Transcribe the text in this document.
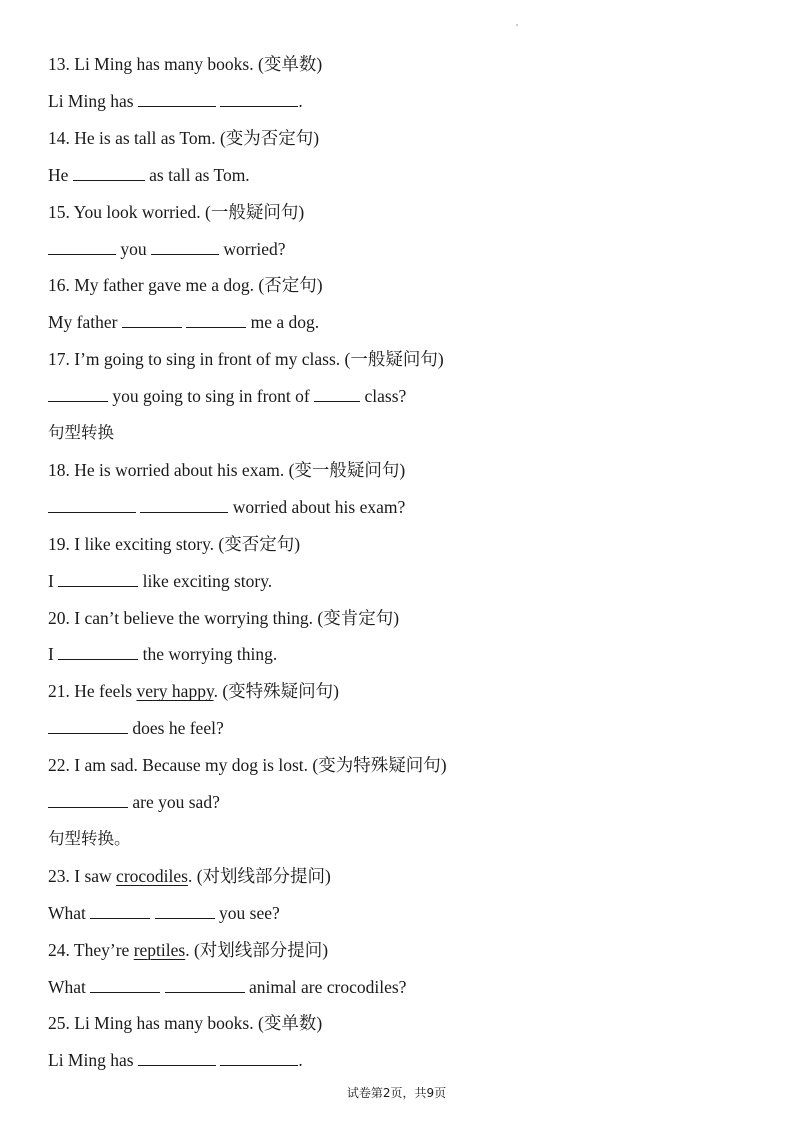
13. Li Ming has many books. (变单数)
Li Ming has	.
14. He is as tall as Tom. (变为否定句)
He	as tall as Tom.
15. You look worried. (一般疑问句)
you	worried?
16. My father gave me a dog. (否定句)
My father	me a dog.
17. I’m going to sing in front of my class. (一般疑问句)
you going to sing in front of	class?
句型转换
18. He is worried about his exam. (变一般疑问句)
worried about his exam?
19. I like exciting story. (变否定句)
I	like exciting story.
20. I can’t believe the worrying thing. (变肯定句)
I	the worrying thing.
21. He feels very happy. (变特殊疑问句)
does he feel?
22. I am sad. Because my dog is lost. (变为特殊疑问句)
are you sad?
句型转换。
23. I saw crocodiles. (对划线部分提问)
What	you see?
24. They’re reptiles. (对划线部分提问)
What	animal are crocodiles?
25. Li Ming has many books. (变单数)
Li Ming has	.
试卷第2页，共9页
